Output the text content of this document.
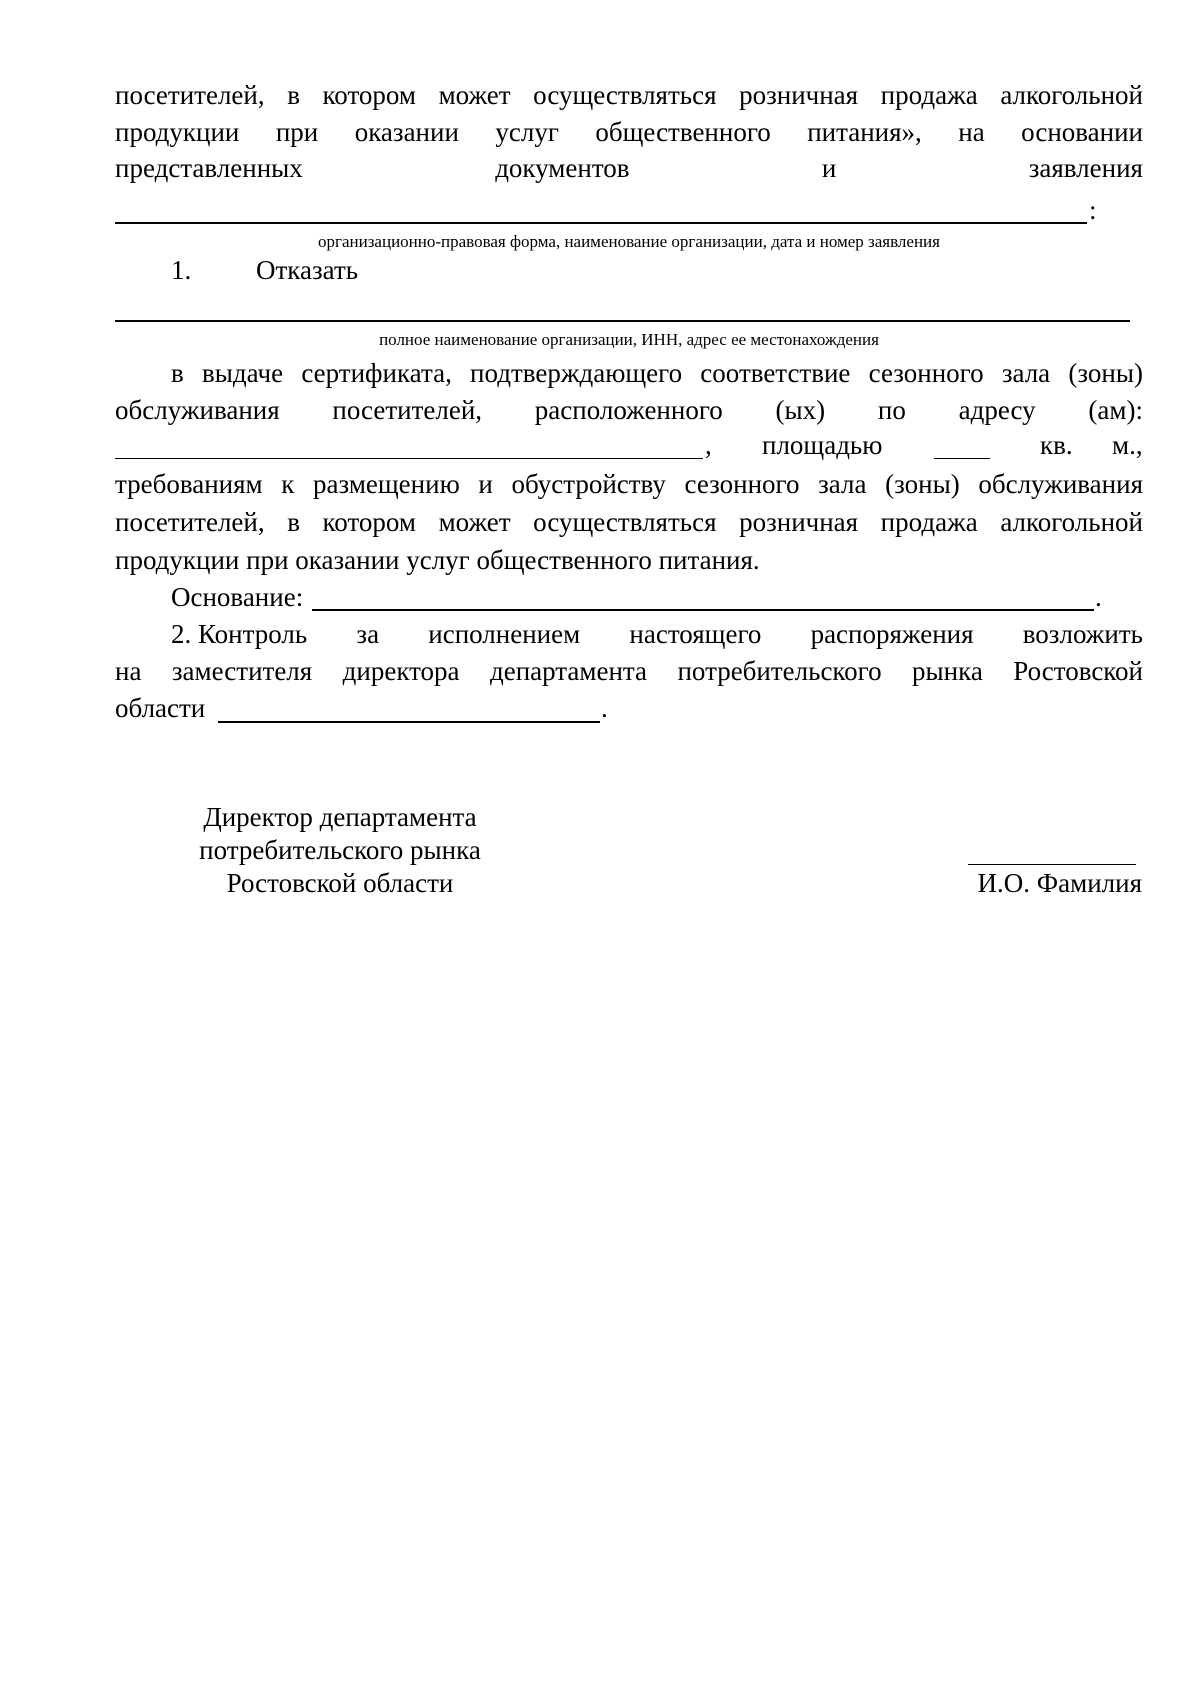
посетителей, в котором может осуществляться розничная продажа алкогольной
продукции при оказании услуг общественного питания», на основании
представленных	документов	и	заявления
:
организационно-правовая форма, наименование организации, дата и номер заявления
1.	Отказать
полное наименование организации, ИНН, адрес ее местонахождения
в выдаче сертификата, подтверждающего соответствие сезонного зала (зоны)
обслуживания посетителей, расположенного (ых) по адресу (ам):
,	площадью	кв. м.,
требованиям к размещению и обустройству сезонного зала (зоны) обслуживания
посетителей, в котором может осуществляться розничная продажа алкогольной
продукции при оказании услуг общественного питания.
Основание:	.
2. Контроль за исполнением настоящего распоряжения возложить
на заместителя директора департамента потребительского рынка Ростовской
области	.
Директор департамента
потребительского рынка
Ростовской области	И.О. Фамилия
